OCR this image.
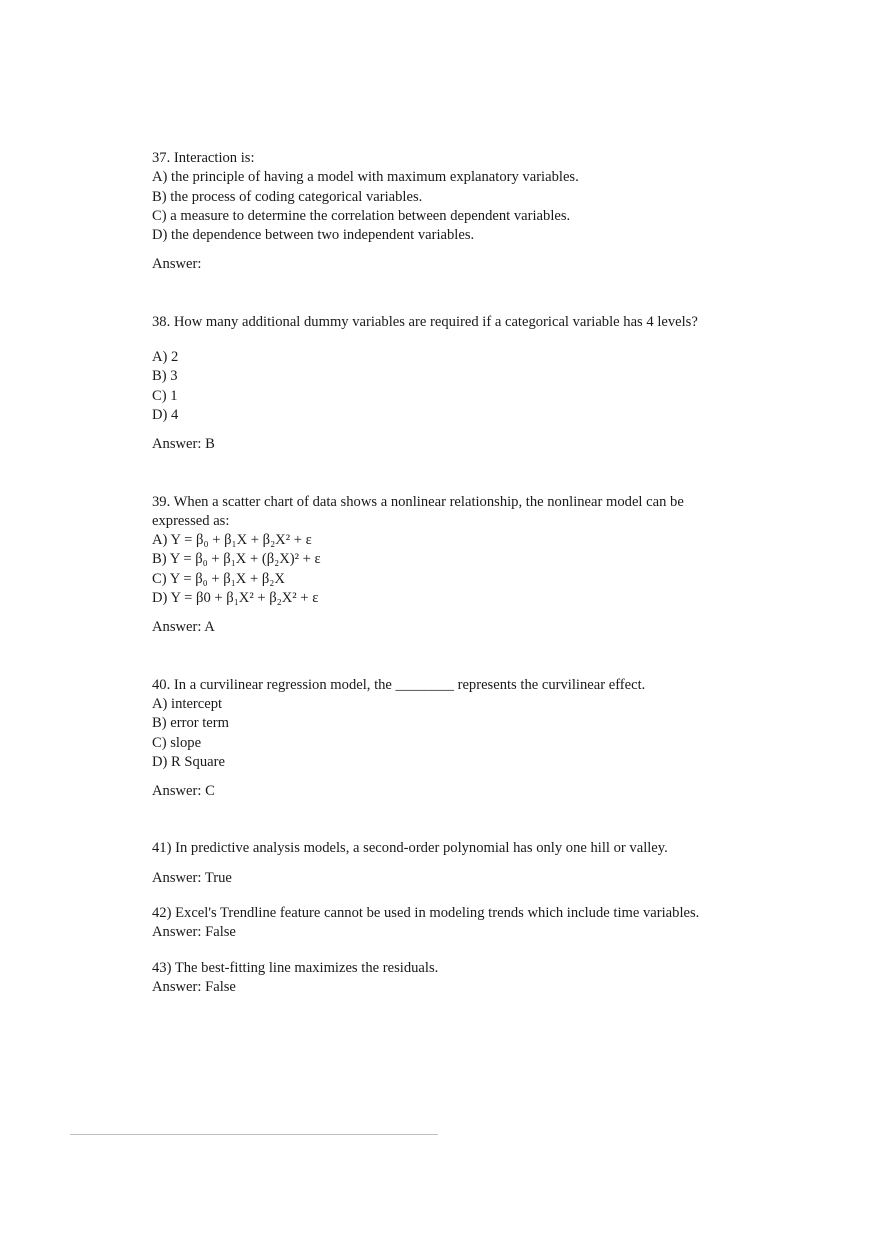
37. Interaction is:
A) the principle of having a model with maximum explanatory variables.
B) the process of coding categorical variables.
C) a measure to determine the correlation between dependent variables.
D) the dependence between two independent variables.
Answer:
38. How many additional dummy variables are required if a categorical variable has 4 levels?
A) 2
B) 3
C) 1
D) 4
Answer: B
39. When a scatter chart of data shows a nonlinear relationship, the nonlinear model can be
expressed as:
A) Y = β₀ + β₁X + β₂X² + ε
B) Y = β₀ + β₁X + (β₂X)² + ε
C) Y = β₀ + β₁X + β₂X
D) Y = β0 + β₁X² + β₂X² + ε
Answer: A
40. In a curvilinear regression model, the ________ represents the curvilinear effect.
A) intercept
B) error term
C) slope
D) R Square
Answer: C
41) In predictive analysis models, a second-order polynomial has only one hill or valley.
Answer: True
42) Excel's Trendline feature cannot be used in modeling trends which include time variables.
Answer: False
43) The best-fitting line maximizes the residuals.
Answer: False
